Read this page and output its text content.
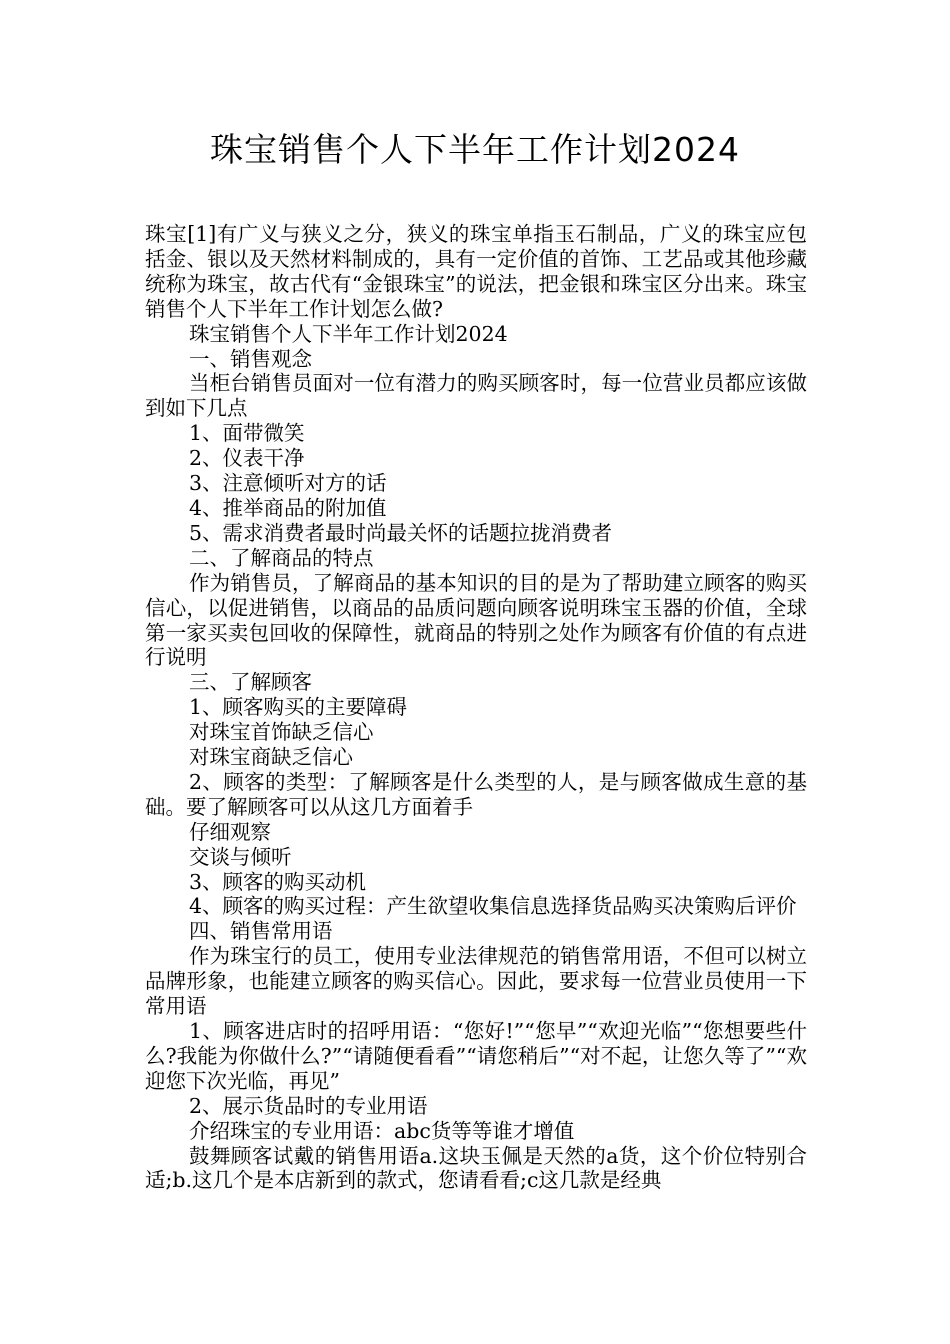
珠宝销售个人下半年工作计划2024

珠宝[1]有广义与狭义之分，狭义的珠宝单指玉石制品，广义的珠宝应包括金、银以及天然材料制成的，具有一定价值的首饰、工艺品或其他珍藏统称为珠宝，故古代有“金银珠宝”的说法，把金银和珠宝区分出来。珠宝销售个人下半年工作计划怎么做?

珠宝销售个人下半年工作计划2024

一、销售观念

当柜台销售员面对一位有潜力的购买顾客时，每一位营业员都应该做到如下几点

1、面带微笑

2、仪表干净

3、注意倾听对方的话

4、推举商品的附加值

5、需求消费者最时尚最关怀的话题拉拢消费者

二、了解商品的特点

作为销售员，了解商品的基本知识的目的是为了帮助建立顾客的购买信心，以促进销售，以商品的品质问题向顾客说明珠宝玉器的价值，全球第一家买卖包回收的保障性，就商品的特别之处作为顾客有价值的有点进行说明

三、了解顾客

1、顾客购买的主要障碍

对珠宝首饰缺乏信心

对珠宝商缺乏信心

2、顾客的类型：了解顾客是什么类型的人，是与顾客做成生意的基础。要了解顾客可以从这几方面着手

仔细观察

交谈与倾听

3、顾客的购买动机

4、顾客的购买过程：产生欲望收集信息选择货品购买决策购后评价

四、销售常用语

作为珠宝行的员工，使用专业法律规范的销售常用语，不但可以树立品牌形象，也能建立顾客的购买信心。因此，要求每一位营业员使用一下常用语

1、顾客进店时的招呼用语：“您好!”“您早”“欢迎光临”“您想要些什么?我能为你做什么?”“请随便看看”“请您稍后”“对不起，让您久等了”“欢迎您下次光临，再见”

2、展示货品时的专业用语

介绍珠宝的专业用语：abc货等等谁才增值

鼓舞顾客试戴的销售用语a.这块玉佩是天然的a货，这个价位特别合适;b.这几个是本店新到的款式，您请看看;c这几款是经典
